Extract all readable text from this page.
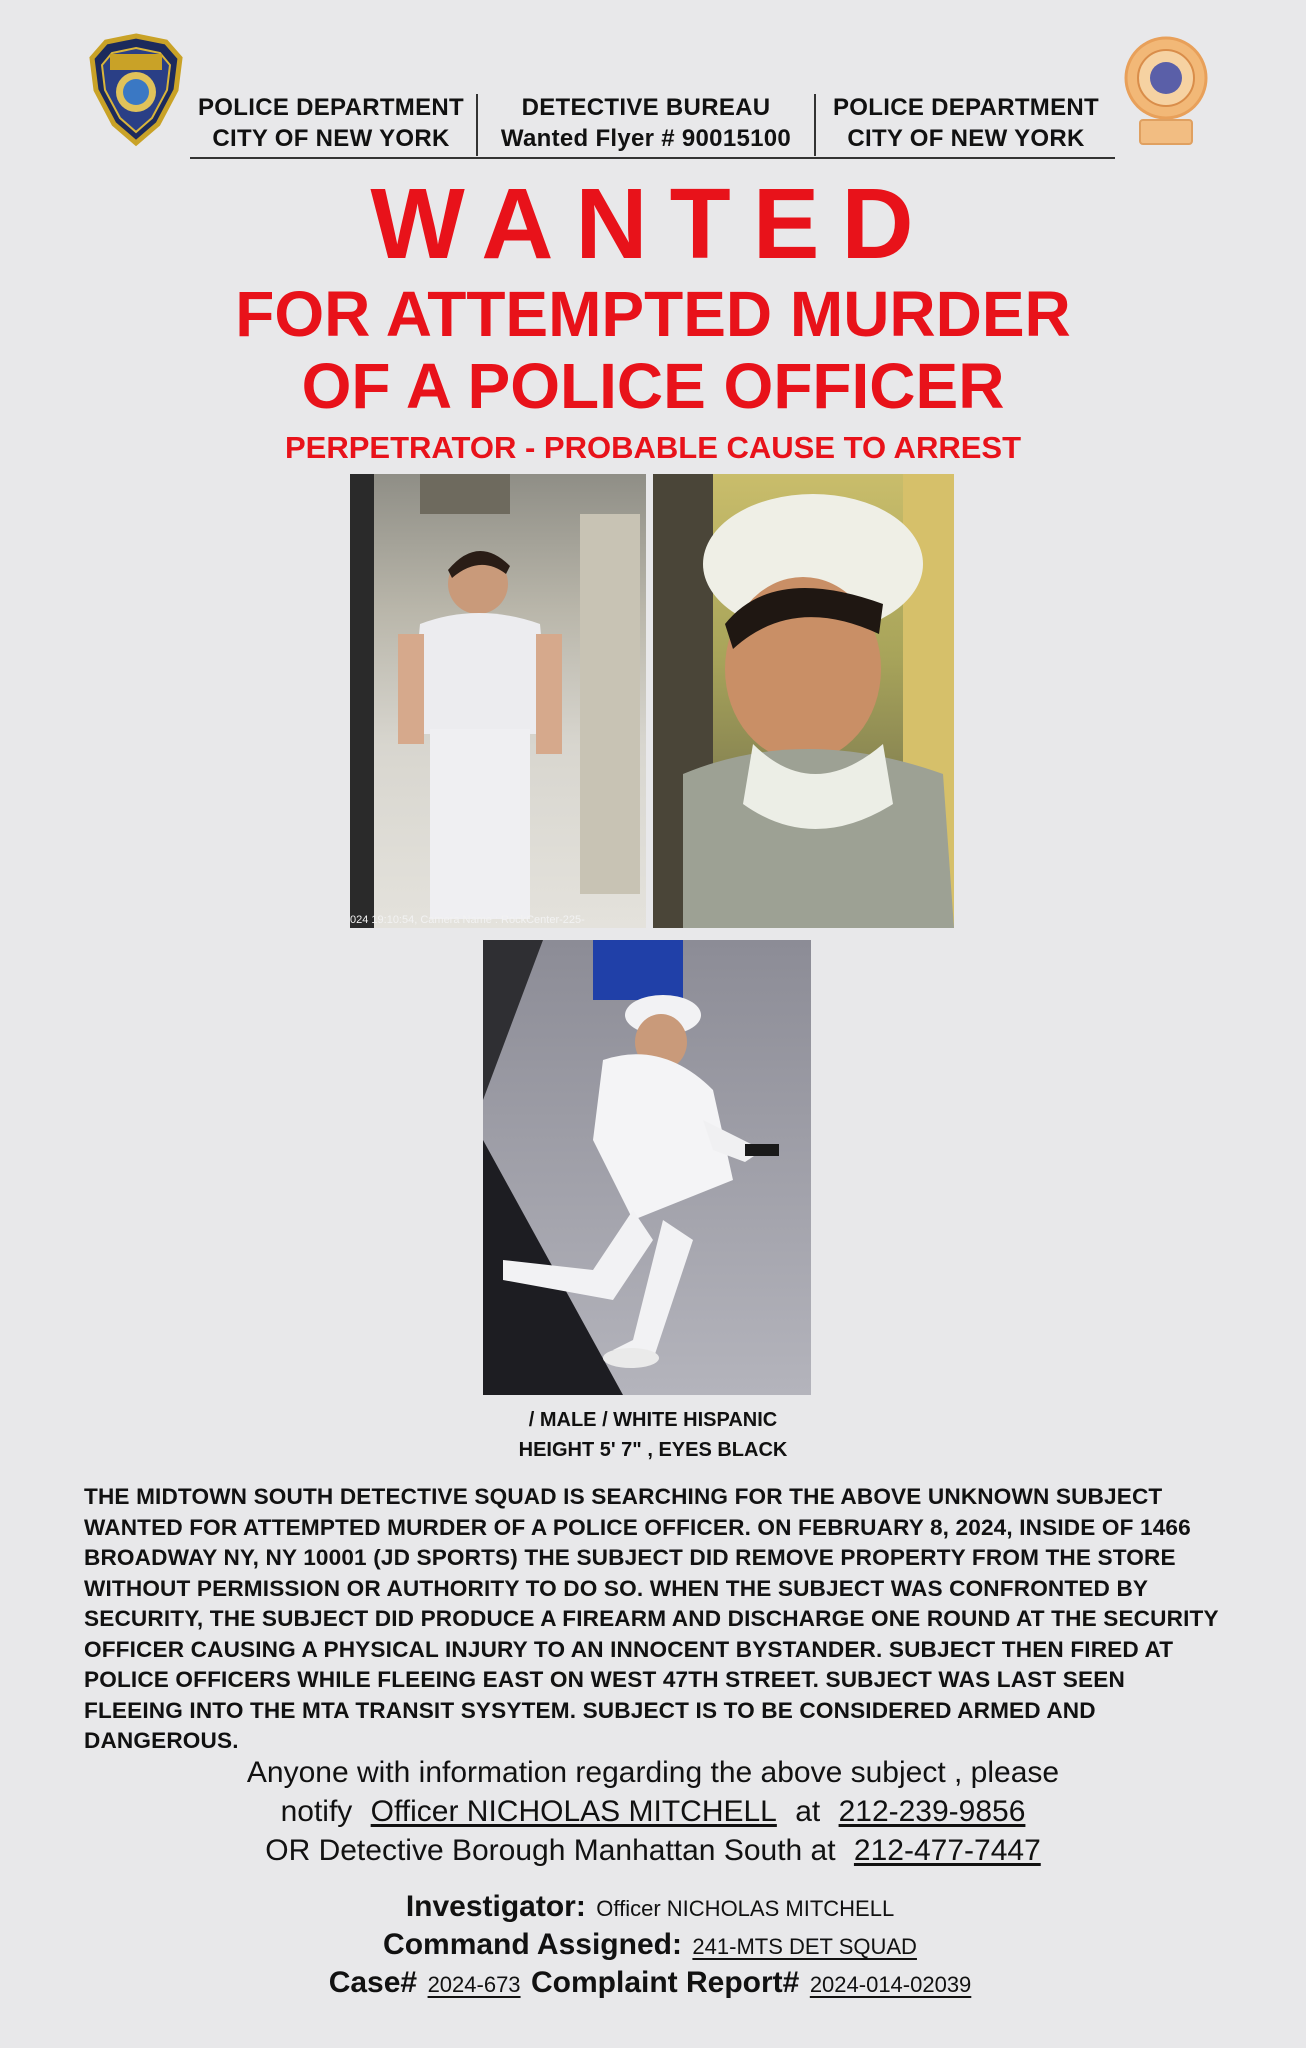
POLICE DEPARTMENT
CITY OF NEW YORK
DETECTIVE BUREAU
Wanted Flyer # 90015100
POLICE DEPARTMENT
CITY OF NEW YORK
WANTED
FOR ATTEMPTED MURDER
OF A POLICE OFFICER
PERPETRATOR - PROBABLE CAUSE TO ARREST
024 19:10:54, Camera Name : RockCenter-225-
/ MALE / WHITE HISPANIC
HEIGHT 5' 7" , EYES BLACK
THE MIDTOWN SOUTH DETECTIVE SQUAD IS SEARCHING FOR THE ABOVE UNKNOWN SUBJECT WANTED FOR ATTEMPTED MURDER OF A POLICE OFFICER. ON FEBRUARY 8, 2024, INSIDE OF 1466 BROADWAY NY, NY 10001 (JD SPORTS) THE SUBJECT DID REMOVE PROPERTY FROM THE STORE WITHOUT PERMISSION OR AUTHORITY TO DO SO. WHEN THE SUBJECT WAS CONFRONTED BY SECURITY, THE SUBJECT DID PRODUCE A FIREARM AND DISCHARGE ONE ROUND AT THE SECURITY OFFICER CAUSING A PHYSICAL INJURY TO AN INNOCENT BYSTANDER. SUBJECT THEN FIRED AT POLICE OFFICERS WHILE FLEEING EAST ON WEST 47TH STREET. SUBJECT WAS LAST SEEN FLEEING INTO THE MTA TRANSIT SYSYTEM. SUBJECT IS TO BE CONSIDERED ARMED AND DANGEROUS.
Anyone with information regarding the above subject , please
notify Officer NICHOLAS MITCHELL at 212-239-9856
OR Detective Borough Manhattan South at 212-477-7447
Investigator: Officer NICHOLAS MITCHELL
Command Assigned: 241-MTS DET SQUAD
Case# 2024-673 Complaint Report# 2024-014-02039
